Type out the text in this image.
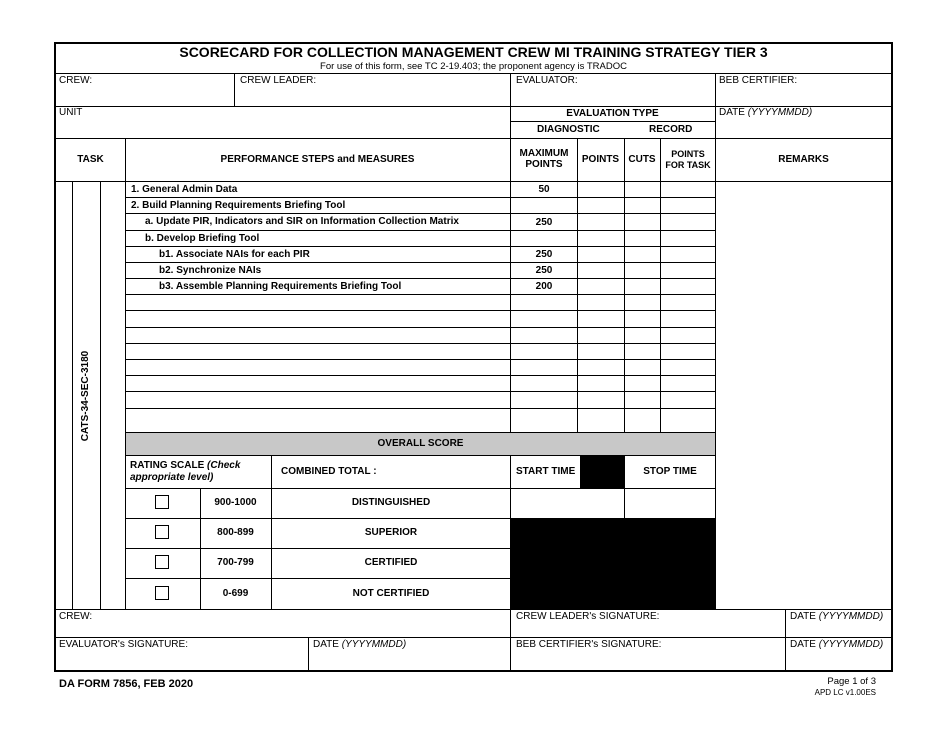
SCORECARD FOR COLLECTION MANAGEMENT CREW MI TRAINING STRATEGY TIER 3
For use of this form, see TC 2-19.403; the proponent agency is TRADOC
CREW:	CREW LEADER:	EVALUATOR:	BEB CERTIFIER:
UNIT	EVALUATION TYPE	DATE (YYYYMMDD)
DIAGNOSTIC	RECORD
TASK	PERFORMANCE STEPS and MEASURES
MAXIMUM POINTS	POINTS CUTS	POINTS FOR TASK	REMARKS
CATS-34-SEC-3180
1. General Admin Data	50
2. Build Planning Requirements Briefing Tool
a. Update PIR, Indicators and SIR on Information Collection Matrix	250
b. Develop Briefing Tool
b1. Associate NAIs for each PIR	250
b2. Synchronize NAIs	250
b3. Assemble Planning Requirements Briefing Tool	200
OVERALL SCORE
RATING SCALE (Check appropriate level)
COMBINED TOTAL :	START TIME	STOP TIME
900-1000	DISTINGUISHED
800-899	SUPERIOR
700-799	CERTIFIED
0-699	NOT CERTIFIED
CREW:	CREW LEADER's SIGNATURE:	DATE (YYYYMMDD)
EVALUATOR's SIGNATURE:	DATE (YYYYMMDD)	BEB CERTIFIER's SIGNATURE:	DATE (YYYYMMDD)
DA FORM 7856, FEB 2020	Page 1 of 3
APD LC v1.00ES
